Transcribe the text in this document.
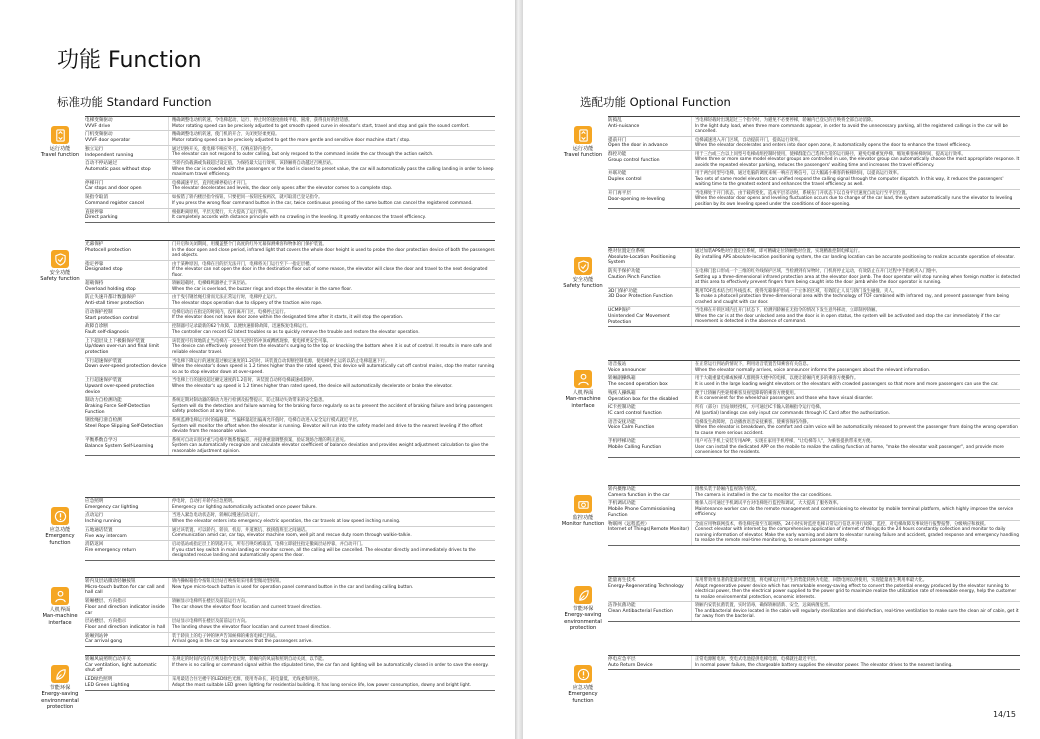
功能 Function
标准功能 Standard Function
运行功能
Travel function
电梯变频驱动
VVVF drive
精确调整电动机转速，令电梯起动、运行、停止时的速度曲线平稳、圆滑，获得良好的舒适感。
Motor rotating speed can be precisely adjusted to get smooth speed curve in elevator's start, travel and stop and gain the sound comfort.
门机变频驱动
VVVF door operator
精确调整电动机转速，使门机的开合、关闭更轻柔更稳。
Motor rotating speed can be precisely adjusted to get the more gentle and sensitive door machine start / stop.
独立运行
Independent running
通过切换开关，使电梯不响应外召，仅响应轿内指令。
The elevator can not respond to outer calling, but only respond to the command inside the car through the action switch.
自动不停站通过
Automatic pass without stop
当轿内负载满或负载超过设定值，为保持最大运行效率，该轿厢将自动越过召唤层站。
When the car is crowded with the passengers or the load is closed to preset value, the car will automatically pass the calling landing in order to keep maximum travel efficiency.
停梯开门
Car stops and door open
电梯减速平层，直到电梯停稳后才开门。
The elevator decelerates and levels, the door only opens after the elevator comes to a complete stop.
误指令取消
Command register cancel
如按错了轿内楼层指令按钮，只要把同一按钮连按两次，就可取消已登记指令。
If you press the wrong floor command button in the car, twice continuous pressing of the same button can cancel the registered command.
直接停靠
Direct parking
根据距离原则，平层无爬行，大大提高了运行效率。
It completely accords with distance principle with no crawling in the leveling. It greatly enhances the travel efficiency.
安全功能
Safety function
光幕保护
Photocell protection
门开启和关闭期间，用覆盖整个门高度的红外光幕探测乘客和物体的门保护装置。
In the door open and close period, infrared light that covers the whole door height is used to probe the door protection device of both the passengers and objects.
指定停靠
Designated stop
由于某种原因，电梯在目的层无法开门，电梯将关门运行至下一指定层楼。
If the elevator can not open the door in the destination floor out of some reason, the elevator will close the door and travel to the next designated floor.
超载保持
Overload holding stop
轿厢超载时，电梯蜂鸣器停止于该层站。
When the car is overload, the buzzer rings and stops the elevator in the same floor.
防止失速升都计数器保护
Anti-stall timer protection
由于曳引钢丝绳打滑而无法正常运行时，电梯停止运行。
The elevator stops operation due to slippery of the traction wire rope.
启动保护控制
Start protection control
电梯启动后在指定的时间内，没有离开门区，电梯停止运行。
If the elevator does not leave door zone within the designated time after it starts, it will stop the operation.
故障自诊断
Fault self-diagnosis
控制器可记录最新的62个故障，以便快速排除故障，迅速恢复电梯运行。
The controller can record 62 latest troubles so as to quickly remove the trouble and restore the elevator operation.
上下超层及上下极限保护装置
Up/down over-run and final limit protection
该装置可有效地防止当电梯万一发生失控时的冲顶或蹲底现象，使电梯更安全可靠。
The device can effectively prevent from the elevator's surging to the top or knocking the bottom when it is out of control. It results in more safe and reliable elevator travel.
下行超速保护装置
Down over-speed protection device
当电梯下降运行的速度超过额定速度的1.2倍时，该装置自动切断控制电源，使电梯停止运转以防止电梯超速下行。
When the elevator's down speed is 1.2 times higher than the rated speed, this device will automatically cut off control mains, stop the motor running so as to stop elevator down at over-speed.
上行超速保护装置
Upward over-speed protection device
当电梯上行的速度超过额定速度的1.2倍时，该装置自动将电梯减速或制停。
When the elevator's up speed is 1.2 times higher than rated speed, the device will automatically decelerate or brake the elevator.
制动力自检测功能
Braking Force Self-Detection Function
系统定期对制动器的制动力进行检测及报警提示，防止制动失效带来的安全隐患。
System will do the detection and failure warning for the braking force regularly so as to prevent the accident of braking failure and bring passengers safety protection at any time.
钢丝绳打滑自检测
Steel Rope Slipping Self-Detection
系统监测电梯运行时的偏移量，当偏移量超出偏离允许值时，电梯自动进入安全运行模式就近平层。
System will monitor the offset when the elevator is running. Elevator will run into the safety model and drive to the nearest leveling if the offset deviate from the reasonable value.
平衡系数自学习
Balance System Self-Learning
系统可自动识别对重与电梯平衡系数偏差，并提供重量调整预案，验证现场合理的利正意见。
System can automatically recognize and calculate elevator coefficient of balance deviation and provides weight adjustment calculation to give the reasonable adjustment opinion.
应急功能
Emergency function
应急照明
Emergency car lighting
停电时，自动打开轿内应急照明。
Emergency car lighting automatically activated once power failure.
点动运行
Inching running
当进入紧急电动状态时，轿厢以慢速点动运行。
When the elevator enters into emergency electric operation, the car travels at low speed inching running.
五地通话装置
Five way intercom
通过该装置，可以轿内、轿顶、机房、井道底坑、救援值班室之间通话。
Communication amid car, car top, elevator machine room, well pit and rescue duty room through walkie-talkie.
消防返回
Fire emergency return
启动基站或指定层上的钥匙开关，所有召唤均被取消，电梯立即驶往指定撤离层站停靠，并自动开门。
If you start key switch in main landing or monitor screen, all the calling will be cancelled. The elevator directly and immediately drives to the designated rescue landing and automatically opens the door.
人机界面
Man-machine interface
轿内及层站微动轻触按钮
Micro-touch button for car call and hall call
轿内操纵箱指令按钮及层站召唤按钮采用新型微动型按钮。
New type micro-touch button is used for operation panel command button in the car and landing calling button.
轿厢楼层、方向指示
Floor and direction indicator inside car
轿厢显示电梯所在楼层及前前运行方向。
The car shows the elevator floor location and current travel direction.
层站楼层、方向指示
Floor and direction indicator in hall
层站显示电梯所在楼层及前前运行方向。
The landing shows the elevator floor location and current travel direction.
轿厢到站钟
Car arrival gong
装于轿顶上的电子钟的钟声告知候梯的乘客电梯已到站。
Arrival gong in the car top announces that the passengers arrive.
节能环保
Energy-saving environmental protection
轿厢风扇照明自动开关
Car ventilation, light automatic shut off
在规定的时间内没有召唤及指令登记时，轿厢内的风扇和照明自动关闭，以节能。
If there is no calling or command signal within the stipulated time, the car fan and lighting will be automatically closed in order to save the energy.
LED绿色照明
LED Green Lighting
采用最适合住宅楼宇的LED绿色光源，使用寿命长，耗电量低，光线柔和明亮。
Adopt the most suitable LED green lighting for residential building. It has long service life, low power consumption, downy and bright light.
选配功能 Optional Function
运行功能
Travel function
防捣乱
Anti-nuisance
当电梯轻载时出现超过三个指令时，为避免不必要停梯，轿厢内已登记的召唤将全部自动消除。
In the light duty load, when three more commands appear, in order to avoid the unnecessary parking, all the registered callings in the car will be cancelled.
提前开门
Open the door in advance
电梯减速进入开门区域，自动提前开门，提高运行效率。
When the elevator decelerates and enters into door open zone, it automatically opens the door to enhance the travel efficiency.
群控功能
Group control function
用于三台或三台以上同型号电梯成组控制时使用，使梯群能自己选择合适的运行路径，避免电梯重复停梯，缩短乘客候梯时间，提高运行效率。
When three or more same model elevator groups are controlled in use, the elevator group can automatically choose the most appropriate response. It avoids the repeated elevator parking, reduces the passengers' waiting time and increases the travel efficiency.
并联功能
Duplex control
用于两台同型号电梯，通过电脑的调度来统一响应召唤信号，以大幅减小乘客的候梯时间，以提高运行效率。
Two sets of same model elevators can unified respond the calling signal through the computer dispatch. In this way, it reduces the passengers' waiting time to the greatest extent and enhances the travel efficiency as well.
开门再平层
Door-opening re-leveling
当电梯处于开门状态，由于载荷变化，造成平层差动时，系统在门开状态下以自身平层速度自动运行至平层位置。
When the elevator door opens and leveling fluctuation occurs due to change of the car load, the system automatically runs the elevator to leveling position by its own leveling speed under the conditions of door-opening.
安全功能
Safety function
绝对位置定位系统
Absolute-Location Positioning System
通过加装APS绝对位置定位系统，即可精确定位轿厢绝对位置，实现精准控制电梯运行。
By installing APS absolute-location positioning system, the car landing location can be accurate positioning to realize accurate operation of elevator.
防夹手保护功能
Caution Pinch Function
在电梯门套口形成一个三维的红外线保护区域，当检测到有异物时，门机将停止运动，有效防止在开门过程中手指被夹入门缝中。
Setting up a three-dimensional infrared protection area at the elevator door jamb. The door operator will stop running when foreign matter is detected at this area to effectively prevent fingers from being caught into the door jamb while the door operator is running.
3D门保护功能
3D Door Protection Function
利用TOF技术结合红外线技术，使得光幕保护形成一个立体的区域，有效防止人员与轿门发生碰撞、夹人。
To make a photocell protection three-dimensional area with the technology of TOF combined with infrared ray, and prevent passenger from being crashed and caught with car door.
UCMP保护
Unintended Car Movement Protection
当电梯在开锁区域内且开门状态下，检测到轿厢在无指令的情况下发生意外移动，立即制停轿厢。
When the car is at the door unlocked area and the door is in open status, the system will be activated and stop the car immediately if the car movement is detected in the absence of command.
人机界面
Man-machine interface
语音报站
Voice announcer
在正常运行到站的情况下，利用语音装置告知乘客有关信息。
When the elevator normally arrives, voice announcer informs the passengers about the relevant information.
轿厢副操纵箱
The second operation box
用于大载重量电梯或候梯人群拥挤大楼中的电梯，以便让轿厢内更多的乘客方便操作。
It is used in the large loading weight elevators or the elevators with crowded passengers so that more and more passengers can use the car.
残疾人操纵箱
Operation box for the disabled
便于让轿厢内坐轮椅乘客及视觉障碍的乘客方便使用。
It is convenient for the wheelchair passengers and those who have visual disorder.
IC卡控制功能
IC card control function
所有（部分）层站须经授权，方可通过IC卡输入轿厢指令运行电梯。
All (partial) landings can only input car commands through IC Card after the authorization.
语音安抚功能
Voice Calm Function
电梯发生故障时，自动播放语音安抚乘客，使乘客保持冷静。
When the elevator is breakdown, the comfort and calm voice will be automatically released to prevent the passenger from doing the wrong operation to cause more serious accident.
手机呼梯功能
Mobile Calling Function
用户可在手机上安装专用APP，实现在家用手机呼梯，"让电梯等人"，为乘客提供带来更方便。
User can install the dedicated APP on the mobile to realize the calling function at home, "make the elevator wait passenger", and provide more convenience for the residents.
监控功能
Monitor function
轿内摄像功能
Camera function in the car
摄像头装于轿厢内监视轿内情况。
The camera is installed in the car to monitor the car conditions.
手机调试功能
Mobile Phone Commissioning Function
维保人员可通过手机调试平台对电梯进行监控和调试，大大提高了服务效率。
Maintenance worker can do the remote management and commissioning to elevator by mobile terminal platform, which highly improve the service efficiency.
物联网（远程监控）
Internet of Things(Remote Monitor)
全面应用物联网技术，将电梯连接至互联网络，24小时实时监控电梯日常运行信息并进行故障、监控，对电梯故障及事故进行报警报警，分级响应和救援。
Connect elevator with internet by the comprehensive application of internet of things;do the 24 hours constantly collection and monitor to daily running information of elevator. Make the early warning and alarm to elevator running failure and accident, graded response and emergency handling to realize the remote real-time monitoring, to ensure passenger safety.
节能环保
Energy-saving environmental protection
能量再生技术
Energy-Regenerating Technology
采用带效果显著的能量回馈装置，将电梯运行用产生的势能转换为电能，回馈电网以供使用，实现能量再生利用率最大化。
Adopt regenerative power device which has remarkable energy-saving effect to convert the potential energy produced by the elevator running to electrical power, then the electrical power supplied to the power grid to maximize realize the utilization rate of renewable energy, help the customer to realize environmental protection, economic interests.
洁净抗菌功能
Clean Antibacterial Function
轿厢内安装抗菌装置，实时消毒，确保轿厢清新、安全，远离病菌危害。
The antibacterial device located in the cabin will regularly sterilization and disinfection, real-time ventilation to make sure the clean air of cabin, get it far away from the bacterial.
应急功能
Emergency function
停电应急平层
Auto Return Device
正常电源断电时，变电式电池提供电梯电源，电梯就往最近平层。
In normal power failure, the chargeable battery supplies the elevator power. The elevator drives to the nearest landing.
14/15
